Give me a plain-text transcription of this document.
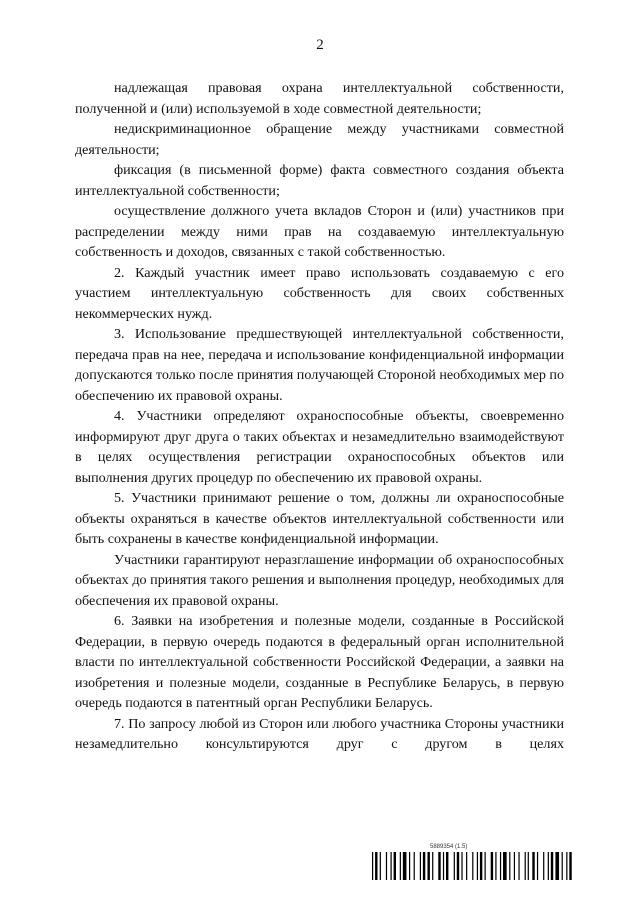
2

надлежащая правовая охрана интеллектуальной собственности, полученной и (или) используемой в ходе совместной деятельности;

недискриминационное обращение между участниками совместной деятельности;

фиксация (в письменной форме) факта совместного создания объекта интеллектуальной собственности;

осуществление должного учета вкладов Сторон и (или) участников при распределении между ними прав на создаваемую интеллектуальную собственность и доходов, связанных с такой собственностью.

2. Каждый участник имеет право использовать создаваемую с его участием интеллектуальную собственность для своих собственных некоммерческих нужд.

3. Использование предшествующей интеллектуальной собственности, передача прав на нее, передача и использование конфиденциальной информации допускаются только после принятия получающей Стороной необходимых мер по обеспечению их правовой охраны.

4. Участники определяют охраноспособные объекты, своевременно информируют друг друга о таких объектах и незамедлительно взаимодействуют в целях осуществления регистрации охраноспособных объектов или выполнения других процедур по обеспечению их правовой охраны.

5. Участники принимают решение о том, должны ли охраноспособные объекты охраняться в качестве объектов интеллектуальной собственности или быть сохранены в качестве конфиденциальной информации.

Участники гарантируют неразглашение информации об охраноспособных объектах до принятия такого решения и выполнения процедур, необходимых для обеспечения их правовой охраны.

6. Заявки на изобретения и полезные модели, созданные в Российской Федерации, в первую очередь подаются в федеральный орган исполнительной власти по интеллектуальной собственности Российской Федерации, а заявки на изобретения и полезные модели, созданные в Республике Беларусь, в первую очередь подаются в патентный орган Республики Беларусь.

7. По запросу любой из Сторон или любого участника Стороны участники незамедлительно консультируются друг с другом в целях

5889354 (1.5)
